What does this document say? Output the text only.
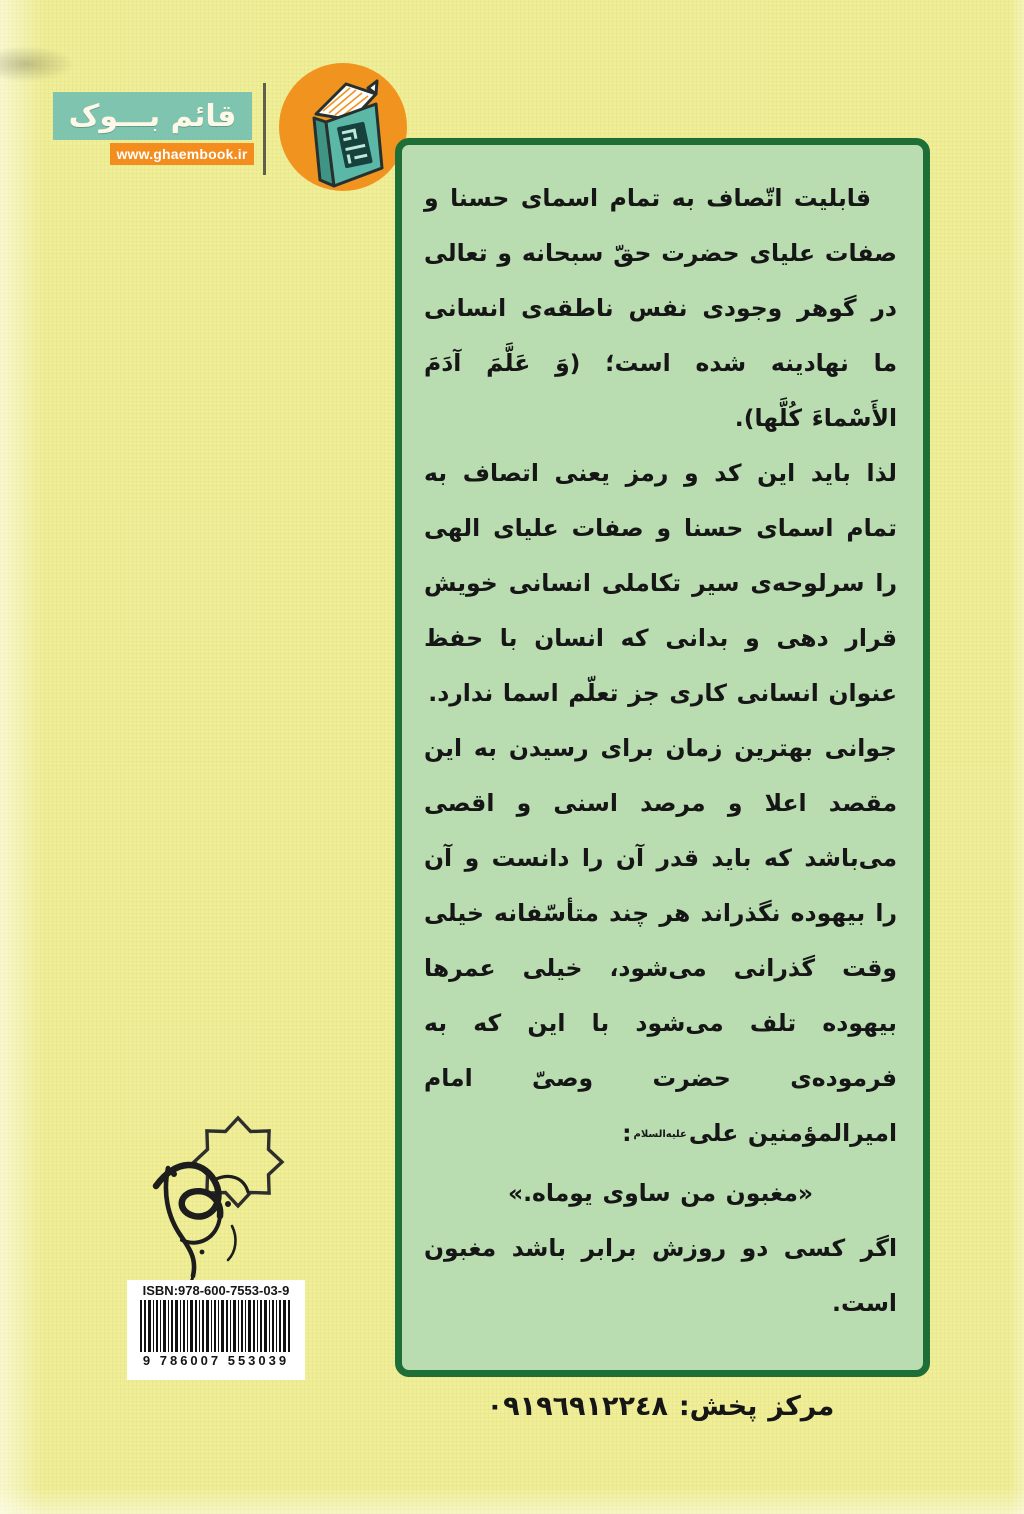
قائم بـــوک
www.ghaembook.ir

قابلیت اتّصاف به تمام اسمای حسنا و صفات علیای حضرت حقّ سبحانه و تعالی در گوهر وجودی نفس ناطقه‌ی انسانی ما نهادینه شده است؛ (وَ عَلَّمَ آدَمَ الأَسْماءَ کُلَّها).

لذا باید این کد و رمز یعنی اتصاف به تمام اسمای حسنا و صفات علیای الهی را سرلوحه‌ی سیر تکاملی انسانی خویش قرار دهی و بدانی که انسان با حفظ عنوان انسانی کاری جز تعلّم اسما ندارد.

جوانی بهترین زمان برای رسیدن به این مقصد اعلا و مرصد اسنی و اقصی می‌باشد که باید قدر آن را دانست و آن را بیهوده نگذراند هر چند متأسّفانه خیلی وقت گذرانی می‌شود، خیلی عمرها بیهوده تلف می‌شود با این که به فرموده‌ی حضرت وصیّ امام امیرالمؤمنین علیعلیه‌السلام:

«مغبون من ساوی یوماه.»

اگر کسی دو روزش برابر باشد مغبون است.

مرکز پخش: ۰۹۱۹٦۹۱۲۲٤۸

ISBN:978-600-7553-03-9
9 786007 553039
